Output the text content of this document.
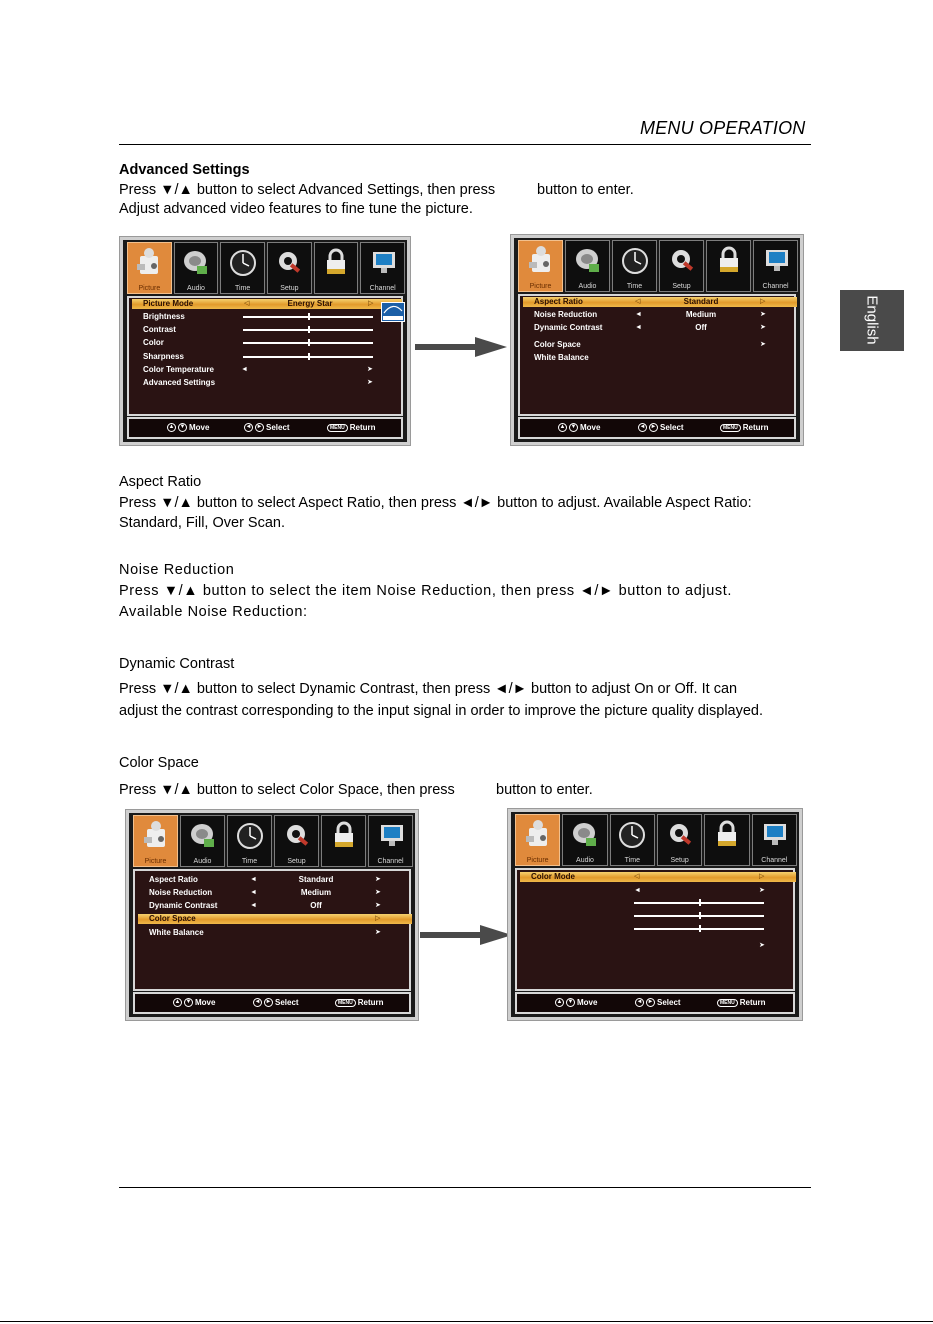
MENU OPERATION
English
Advanced Settings
Press ▼/▲ button to select Advanced Settings, then press	button to enter.
Adjust advanced video features to fine tune the picture.
Picture	Audio	Time	Setup	Channel
Picture Mode	◁	Energy Star	▷
Brightness
Contrast
Color
Sharpness
Color Temperature	◄	➤
Advanced Settings	➤
▲ ▼ Move	◄ ► Select	MENU Return
Picture	Audio	Time	Setup	Channel
Aspect Ratio	◁	Standard	▷
Noise Reduction	◄	Medium	➤
Dynamic Contrast	◄	Off	➤
Color Space	➤
White Balance
▲ ▼ Move	◄ ► Select	MENU Return
Aspect Ratio
Press ▼/▲ button to select Aspect Ratio, then press ◄/► button to adjust. Available Aspect Ratio:
Standard, Fill, Over Scan.
Noise Reduction
Press ▼/▲ button to select the item Noise Reduction, then press ◄/► button to adjust.
Available Noise Reduction:
Dynamic Contrast
Press ▼/▲ button to select Dynamic Contrast, then press ◄/► button to adjust On or Off. It can
adjust the contrast corresponding to the input signal in order to improve the picture quality displayed.
Color Space
Press ▼/▲ button to select Color Space, then press	button to enter.
Picture	Audio	Time	Setup	Channel
Aspect Ratio	◄	Standard	➤
Noise Reduction	◄	Medium	➤
Dynamic Contrast	◄	Off	➤
Color Space	▷
White Balance	➤
▲ ▼ Move	◄ ► Select	MENU Return
Picture	Audio	Time	Setup	Channel
Color Mode	◁	▷
◄	➤
➤
▲ ▼ Move	◄ ► Select	MENU Return
